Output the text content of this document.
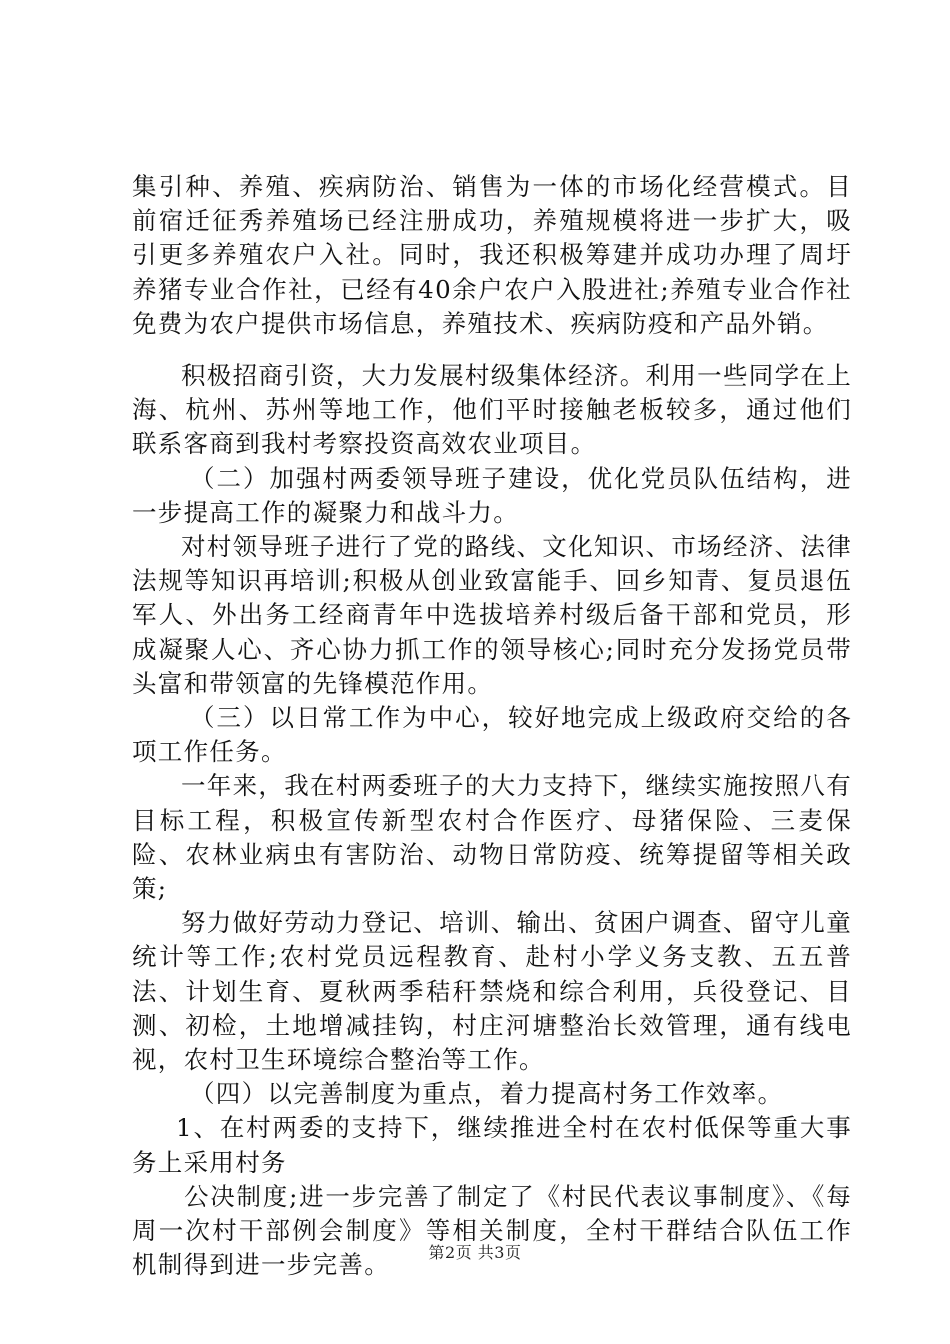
集引种、养殖、疾病防治、销售为一体的市场化经营模式。目前宿迁征秀养殖场已经注册成功，养殖规模将进一步扩大，吸引更多养殖农户入社。同时，我还积极筹建并成功办理了周圩养猪专业合作社，已经有40余户农户入股进社;养殖专业合作社免费为农户提供市场信息，养殖技术、疾病防疫和产品外销。

积极招商引资，大力发展村级集体经济。利用一些同学在上海、杭州、苏州等地工作，他们平时接触老板较多，通过他们联系客商到我村考察投资高效农业项目。

（二）加强村两委领导班子建设，优化党员队伍结构，进一步提高工作的凝聚力和战斗力。

对村领导班子进行了党的路线、文化知识、市场经济、法律法规等知识再培训;积极从创业致富能手、回乡知青、复员退伍军人、外出务工经商青年中选拔培养村级后备干部和党员，形成凝聚人心、齐心协力抓工作的领导核心;同时充分发扬党员带头富和带领富的先锋模范作用。

（三）以日常工作为中心，较好地完成上级政府交给的各项工作任务。

一年来，我在村两委班子的大力支持下，继续实施按照八有目标工程，积极宣传新型农村合作医疗、母猪保险、三麦保险、农林业病虫有害防治、动物日常防疫、统筹提留等相关政策;

努力做好劳动力登记、培训、输出、贫困户调查、留守儿童统计等工作;农村党员远程教育、赴村小学义务支教、五五普法、计划生育、夏秋两季秸秆禁烧和综合利用，兵役登记、目测、初检，土地增减挂钩，村庄河塘整治长效管理，通有线电视，农村卫生环境综合整治等工作。

（四）以完善制度为重点，着力提高村务工作效率。

1、在村两委的支持下，继续推进全村在农村低保等重大事务上采用村务

公决制度;进一步完善了制定了《村民代表议事制度》、《每周一次村干部例会制度》等相关制度，全村干群结合队伍工作机制得到进一步完善。	第2页 共3页
